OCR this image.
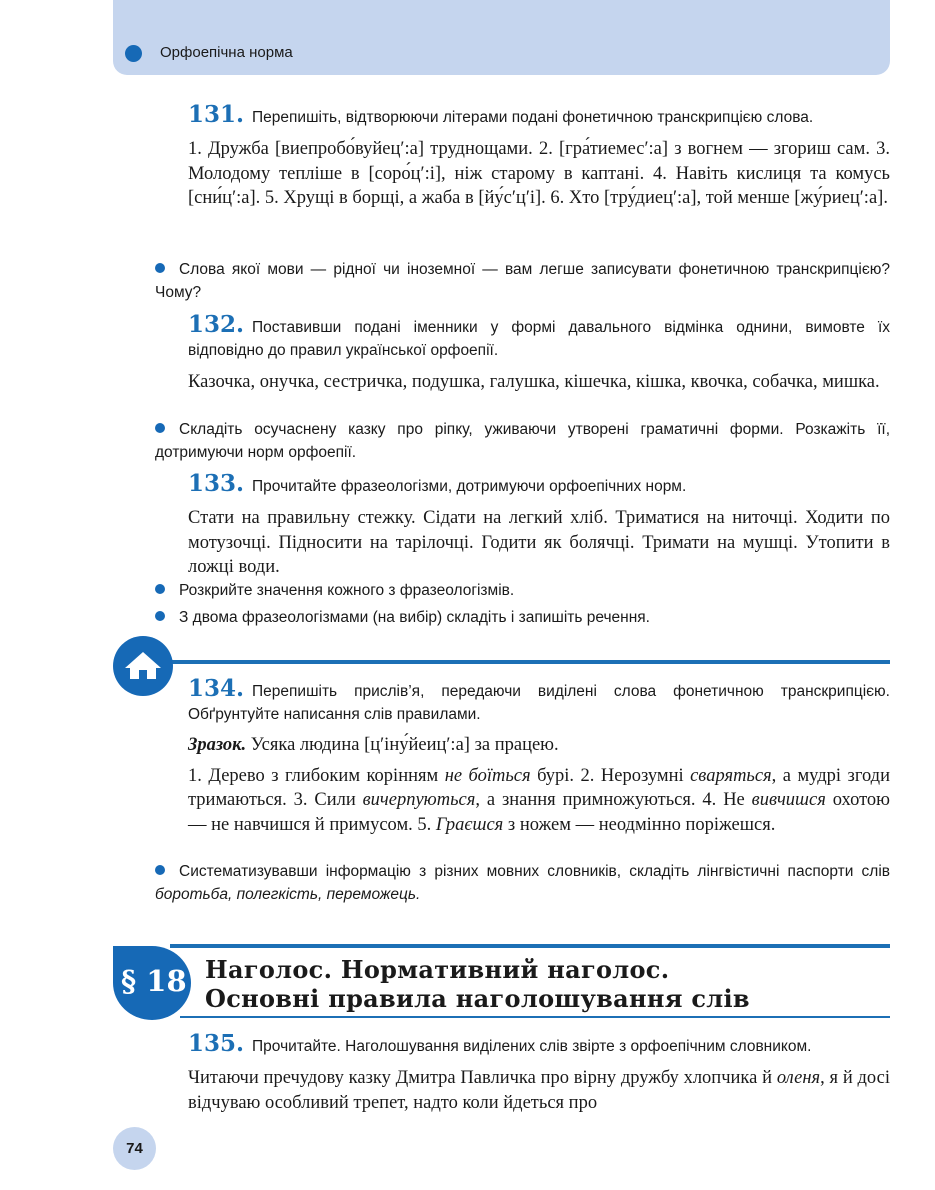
Орфоепічна норма

131. Перепишіть, відтворюючи літерами подані фонетичною транскрипцією слова.

1. Дружба [виепробо́вуйец′:а] труднощами. 2. [гра́тиемес′:а] з вогнем — згориш сам. 3. Молодому тепліше в [соро́ц′:і], ніж старому в каптані. 4. Навіть кислиця та комусь [сни́ц′:а]. 5. Хрущі в борщі, а жаба в [йу́с′ц′і]. 6. Хто [тру́диец′:а], той менше [жу́риец′:а].

Слова якої мови — рідної чи іноземної — вам легше записувати фонетичною транскрипцією? Чому?

132. Поставивши подані іменники у формі давального відмінка однини, вимовте їх відповідно до правил української орфоепії.

Казочка, онучка, сестричка, подушка, галушка, кішечка, кішка, квочка, собачка, мишка.

Складіть осучаснену казку про ріпку, уживаючи утворені граматичні форми. Розкажіть її, дотримуючи норм орфоепії.

133. Прочитайте фразеологізми, дотримуючи орфоепічних норм.

Стати на правильну стежку. Сідати на легкий хліб. Триматися на ниточці. Ходити по мотузочці. Підносити на тарілочці. Годити як болячці. Тримати на мушці. Утопити в ложці води.

Розкрийте значення кожного з фразеологізмів.
З двома фразеологізмами (на вибір) складіть і запишіть речення.

134. Перепишіть прислів’я, передаючи виділені слова фонетичною транскрипцією. Обґрунтуйте написання слів правилами.

Зразок. Усяка людина [ц′іну́йеиц′:а] за працею.

1. Дерево з глибоким корінням не боїться бурі. 2. Нерозумні сваряться, а мудрі згоди тримаються. 3. Сили вичерпуються, а знання примножуються. 4. Не вивчишся охотою — не навчишся й примусом. 5. Граєшся з ножем — неодмінно поріжешся.

Систематизувавши інформацію з різних мовних словників, складіть лінгвістичні паспорти слів боротьба, полегкість, переможець.
§ 18 Наголос. Нормативний наголос.
Основні правила наголошування слів

135. Прочитайте. Наголошування виділених слів звірте з орфоепічним словником.

Читаючи пречудову казку Дмитра Павличка про вірну дружбу хлопчика й оленя, я й досі відчуваю особливий трепет, надто коли йдеться про

74
